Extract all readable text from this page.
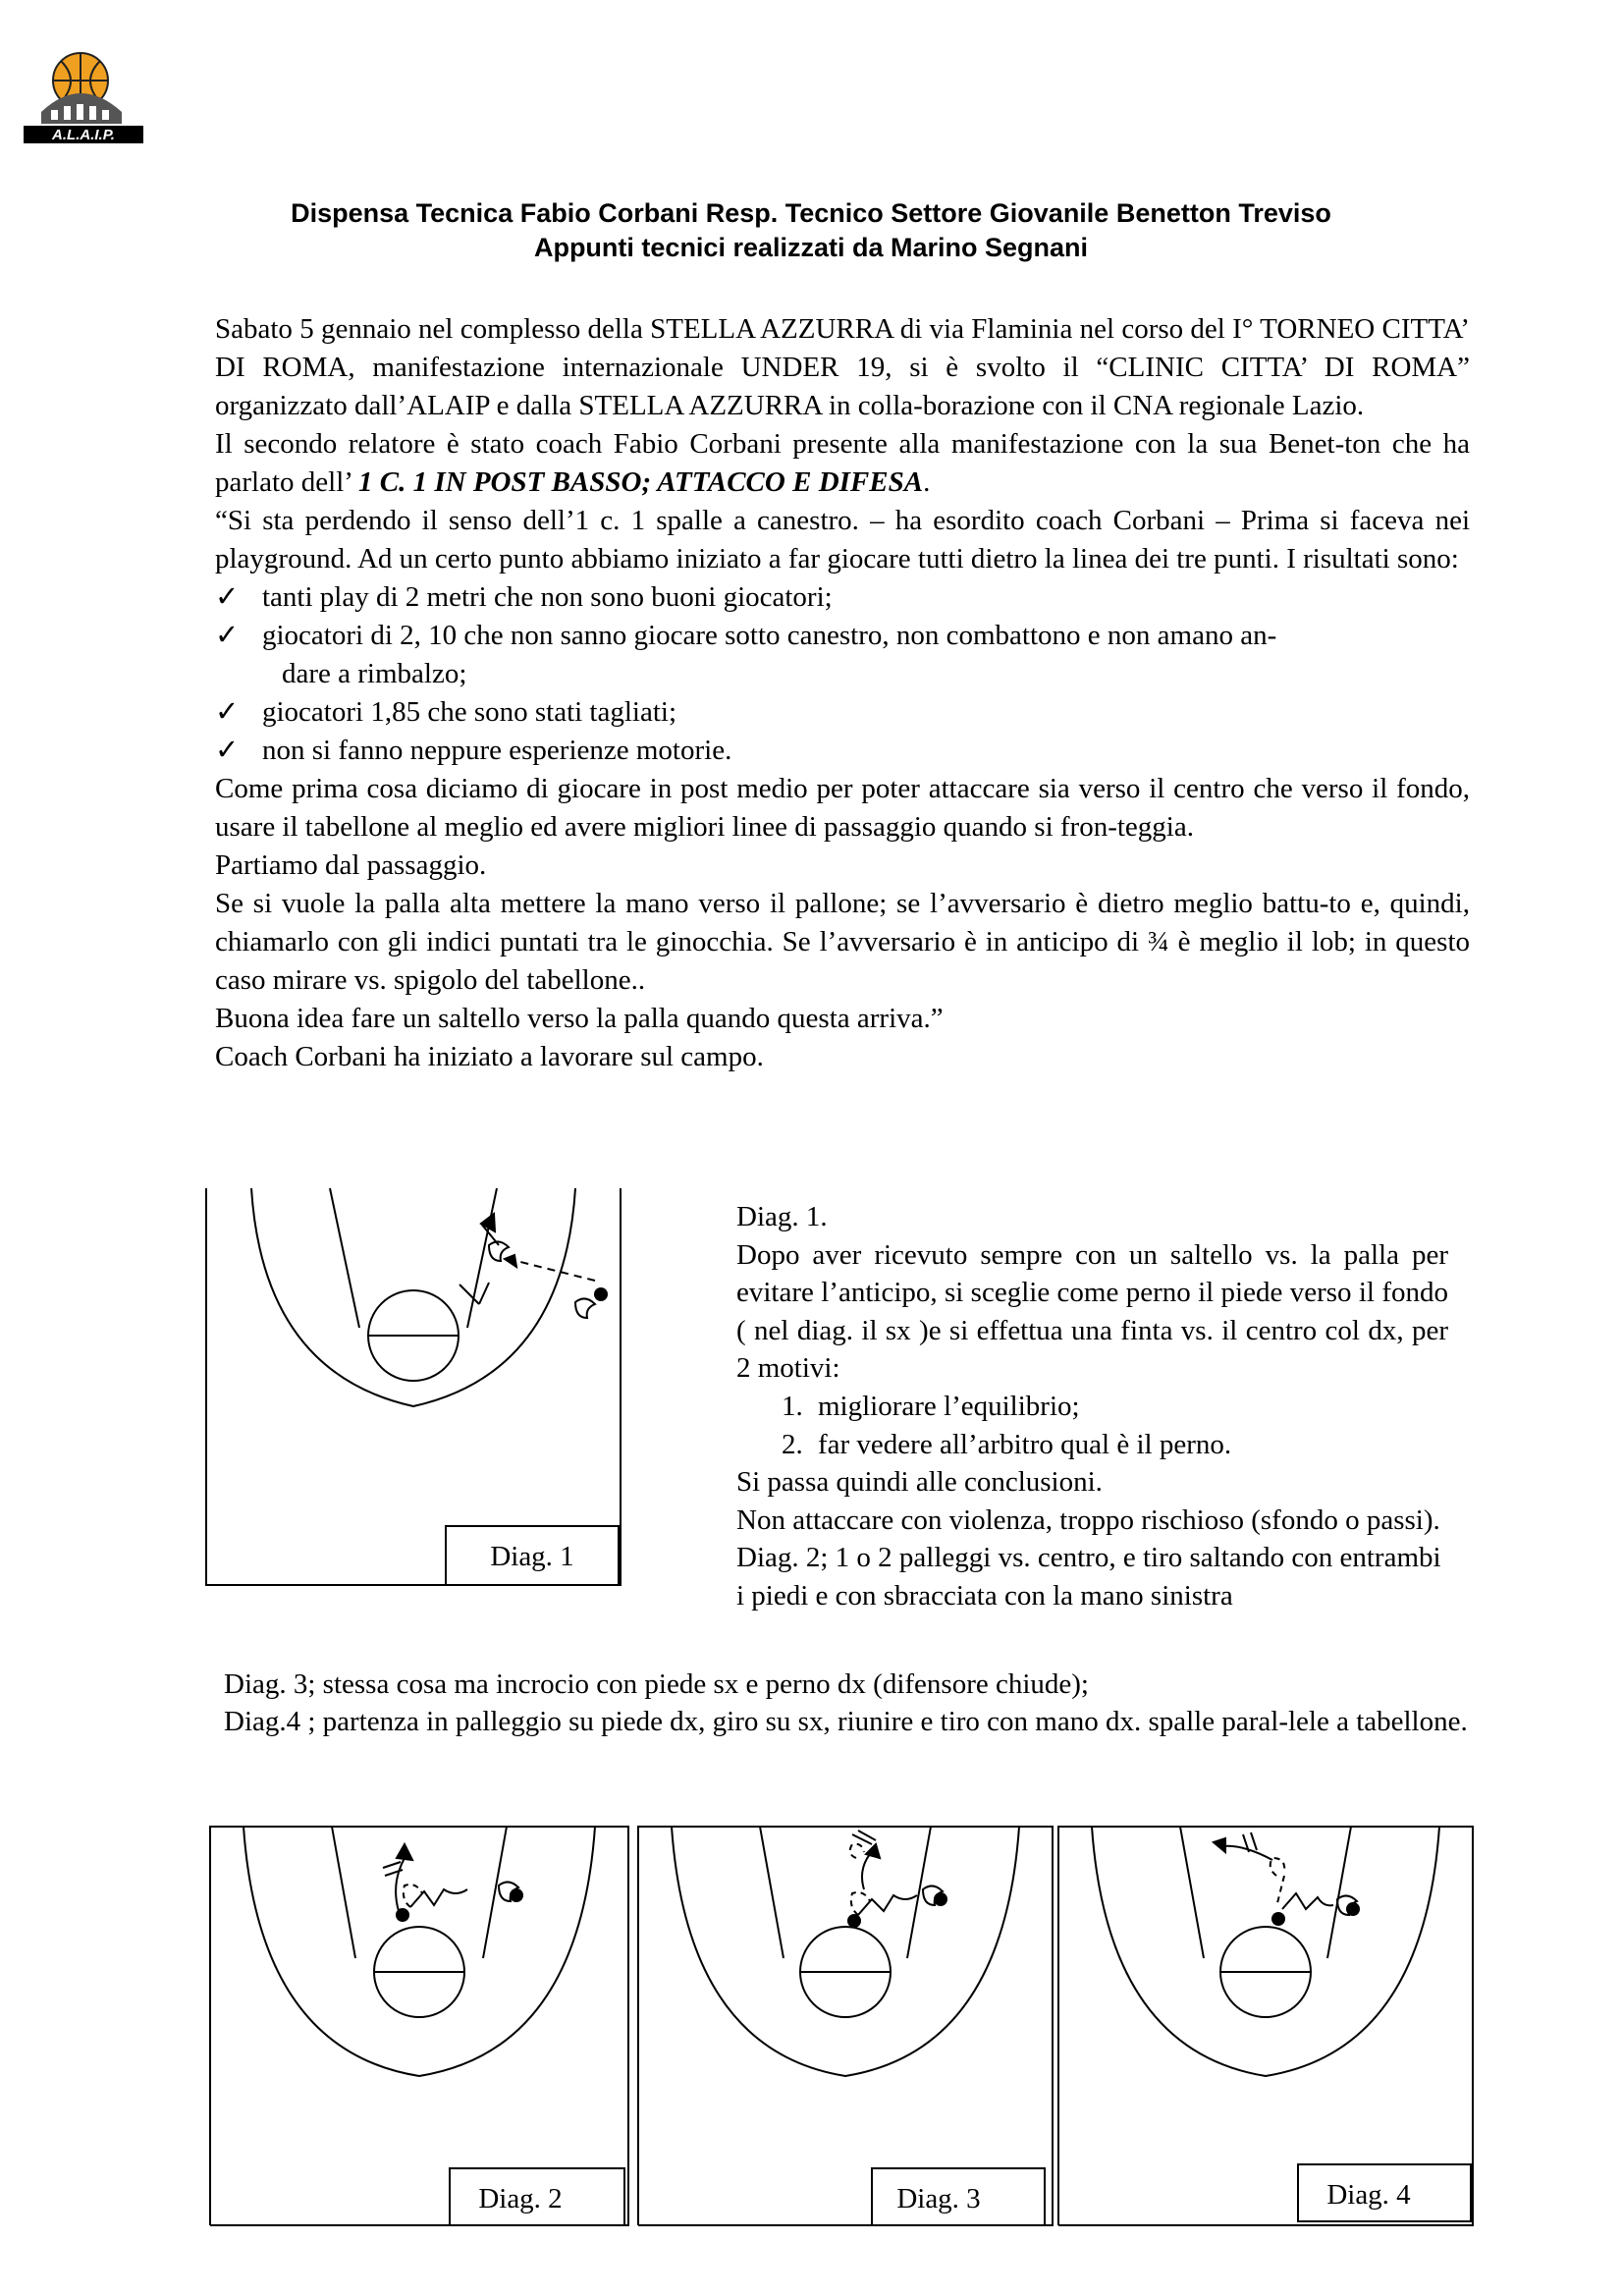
A.L.A.I.P.
Dispensa Tecnica Fabio Corbani Resp. Tecnico Settore Giovanile Benetton Treviso
Appunti tecnici realizzati da Marino Segnani

Sabato 5 gennaio nel complesso della STELLA AZZURRA di via Flaminia nel corso del I° TORNEO CITTA’ DI ROMA, manifestazione internazionale UNDER 19, si è svolto il “CLINIC CITTA’ DI ROMA” organizzato dall’ALAIP e dalla STELLA AZZURRA in colla-borazione con il CNA regionale Lazio.

Il secondo relatore è stato coach Fabio Corbani presente alla manifestazione con la sua Benet-ton che ha parlato dell’ 1 C. 1 IN POST BASSO; ATTACCO E DIFESA.

“Si sta perdendo il senso dell’1 c. 1 spalle a canestro. – ha esordito coach Corbani – Prima si faceva nei playground. Ad un certo punto abbiamo iniziato a far giocare tutti dietro la linea dei tre punti. I risultati sono:

✓ tanti play di 2 metri che non sono buoni giocatori;
✓ giocatori di 2, 10 che non sanno giocare sotto canestro, non combattono e non amano an-
dare a rimbalzo;
✓ giocatori 1,85 che sono stati tagliati;
✓ non si fanno neppure esperienze motorie.

Come prima cosa diciamo di giocare in post medio per poter attaccare sia verso il centro che verso il fondo, usare il tabellone al meglio ed avere migliori linee di passaggio quando si fron-teggia.

Partiamo dal passaggio.

Se si vuole la palla alta mettere la mano verso il pallone; se l’avversario è dietro meglio battu-to e, quindi, chiamarlo con gli indici puntati tra le ginocchia. Se l’avversario è in anticipo di ¾ è meglio il lob; in questo caso mirare vs. spigolo del tabellone..

Buona idea fare un saltello verso la palla quando questa arriva.”

Coach Corbani ha iniziato a lavorare sul campo.

Diag. 1

Diag. 1.

Dopo aver ricevuto sempre con un saltello vs. la palla per evitare l’anticipo, si sceglie come perno il piede verso il fondo ( nel diag. il sx )e si effettua una finta vs. il centro col dx, per 2 motivi:

1. migliorare l’equilibrio;
2. far vedere all’arbitro qual è il perno.

Si passa quindi alle conclusioni.

Non attaccare con violenza, troppo rischioso (sfondo o passi).

Diag. 2; 1 o 2 palleggi vs. centro, e tiro saltando con entrambi i piedi e con sbracciata con la mano sinistra

Diag. 3; stessa cosa ma incrocio con piede sx e perno dx (difensore chiude);

Diag.4 ; partenza in palleggio su piede dx, giro su sx, riunire e tiro con mano dx. spalle paral-lele a tabellone.

Diag. 2	Diag. 3	Diag. 4
